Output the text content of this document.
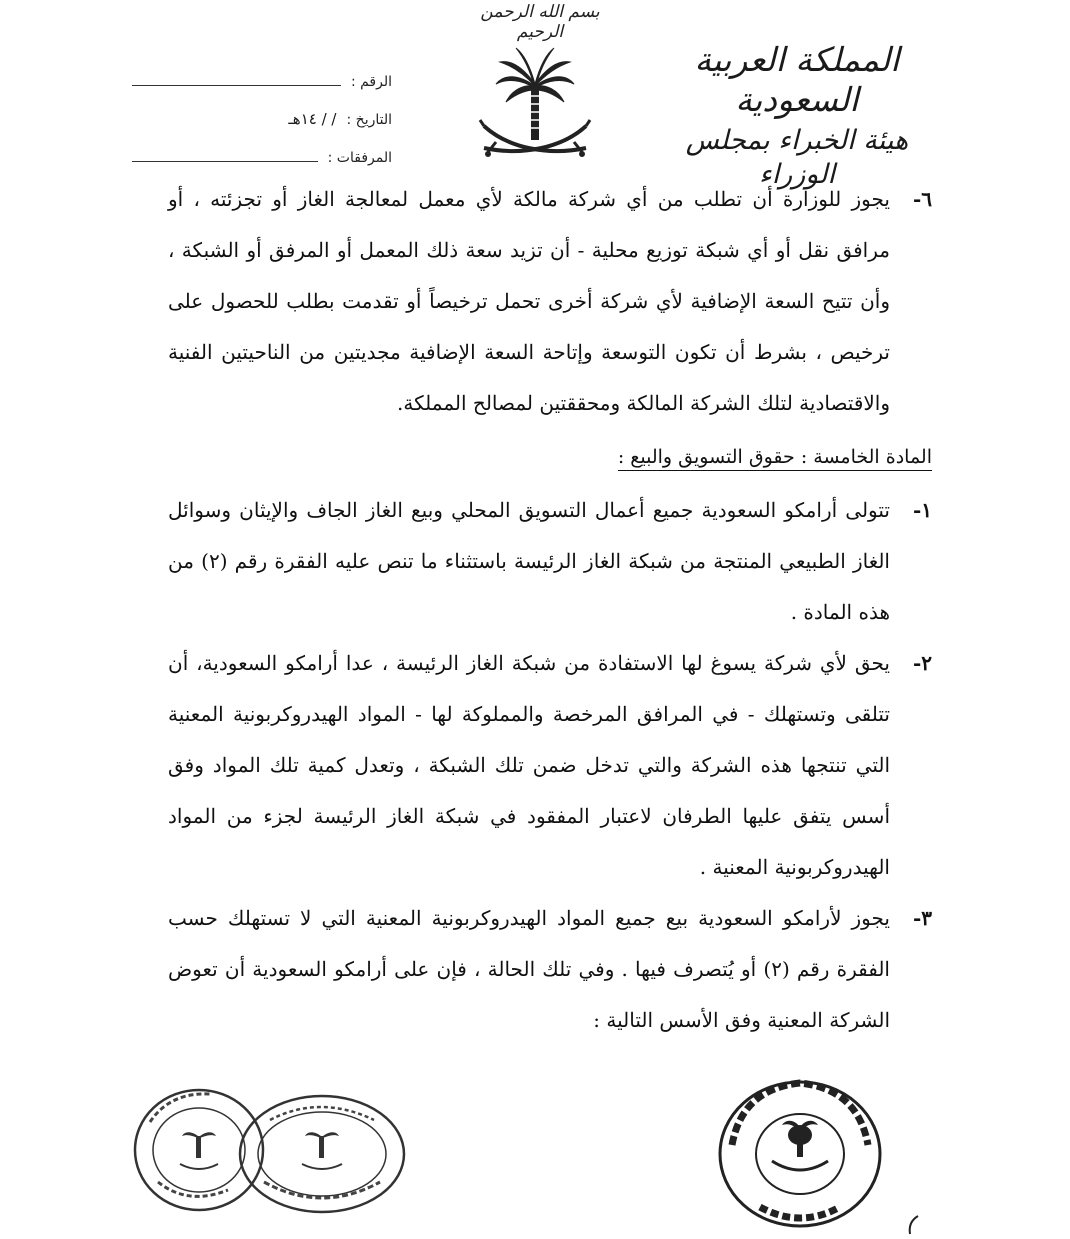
بسم الله الرحمن الرحيم
المملكة العربية السعودية
هيئة الخبراء بمجلس الوزراء
الرقم :
التاريخ :
/ / ١٤هـ
المرفقات :

٦-
يجوز للوزارة أن تطلب من أي شركة مالكة لأي معمل لمعالجة الغاز أو تجزئته ، أو مرافق نقل أو أي شبكة توزيع محلية - أن تزيد سعة ذلك المعمل أو المرفق أو الشبكة ، وأن تتيح السعة الإضافية لأي شركة أخرى تحمل ترخيصاً أو تقدمت بطلب للحصول على ترخيص ، بشرط أن تكون التوسعة وإتاحة السعة الإضافية مجديتين من الناحيتين الفنية والاقتصادية لتلك الشركة المالكة ومحققتين لمصالح المملكة.

المادة الخامسة : حقوق التسويق والبيع :

١-
تتولى أرامكو السعودية جميع أعمال التسويق المحلي وبيع الغاز الجاف والإيثان وسوائل الغاز الطبيعي المنتجة من شبكة الغاز الرئيسة باستثناء ما تنص عليه الفقرة رقم (٢) من هذه المادة .

٢-
يحق لأي شركة يسوغ لها الاستفادة من شبكة الغاز الرئيسة ، عدا أرامكو السعودية، أن تتلقى وتستهلك - في المرافق المرخصة والمملوكة لها - المواد الهيدروكربونية المعنية التي تنتجها هذه الشركة والتي تدخل ضمن تلك الشبكة ، وتعدل كمية تلك المواد وفق أسس يتفق عليها الطرفان لاعتبار المفقود في شبكة الغاز الرئيسة لجزء من المواد الهيدروكربونية المعنية .

٣-
يجوز لأرامكو السعودية بيع جميع المواد الهيدروكربونية المعنية التي لا تستهلك حسب الفقرة رقم (٢) أو يُتصرف فيها . وفي تلك الحالة ، فإن على أرامكو السعودية أن تعوض الشركة المعنية وفق الأسس التالية :
